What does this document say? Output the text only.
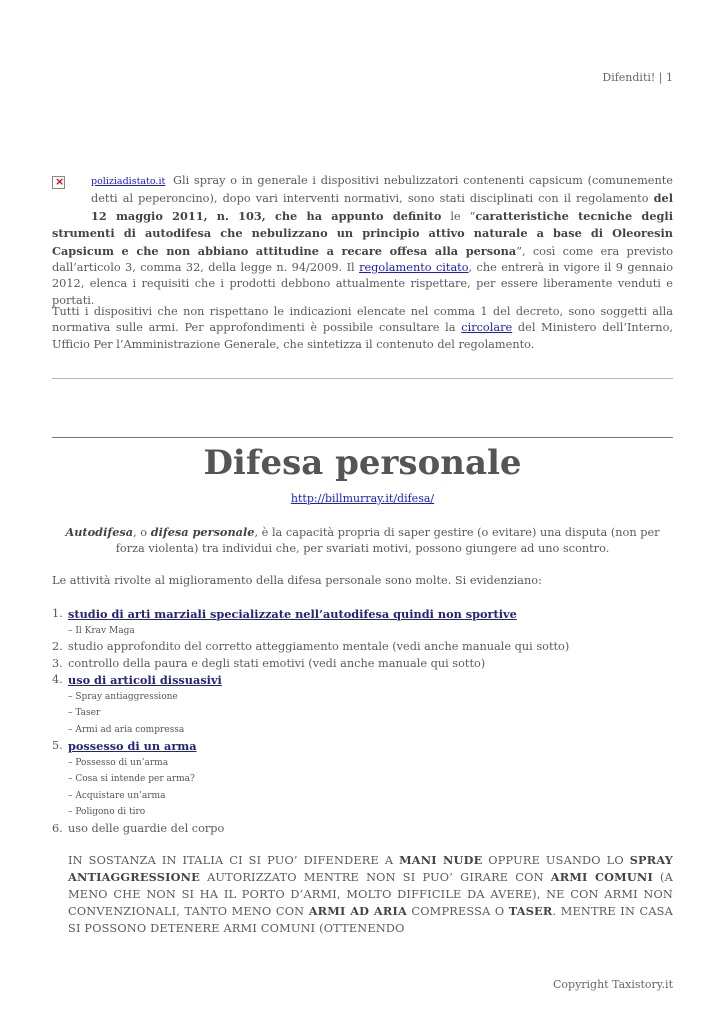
Difenditi! | 1
×
poliziadistato.it Gli spray o in generale i dispositivi nebulizzatori contenenti capsicum (comunemente detti al peperoncino), dopo vari interventi normativi, sono stati disciplinati con il regolamento del 12 maggio 2011, n. 103, che ha appunto definito le “caratteristiche tecniche degli strumenti di autodifesa che nebulizzano un principio attivo naturale a base di Oleoresin Capsicum e che non abbiano attitudine a recare offesa alla persona”, così come era previsto dall’articolo 3, comma 32, della legge n. 94/2009. Il regolamento citato, che entrerà in vigore il 9 gennaio 2012, elenca i requisiti che i prodotti debbono attualmente rispettare, per essere liberamente venduti e portati.
Tutti i dispositivi che non rispettano le indicazioni elencate nel comma 1 del decreto, sono soggetti alla normativa sulle armi. Per approfondimenti è possibile consultare la circolare del Ministero dell’Interno, Ufficio Per l’Amministrazione Generale, che sintetizza il contenuto del regolamento.
Difesa personale
http://billmurray.it/difesa/
Autodifesa, o difesa personale, è la capacità propria di saper gestire (o evitare) una disputa (non per forza violenta) tra individui che, per svariati motivi, possono giungere ad uno scontro.
Le attività rivolte al miglioramento della difesa personale sono molte. Si evidenziano:
1. studio di arti marziali specializzate nell’autodifesa quindi non sportive
– Il Krav Maga
2. studio approfondito del corretto atteggiamento mentale (vedi anche manuale qui sotto)
3. controllo della paura e degli stati emotivi (vedi anche manuale qui sotto)
4. uso di articoli dissuasivi
– Spray antiaggressione
– Taser
– Armi ad aria compressa
5. possesso di un arma
– Possesso di un’arma
– Cosa si intende per arma?
– Acquistare un’arma
– Poligono di tiro
6. uso delle guardie del corpo
IN SOSTANZA IN ITALIA CI SI PUO’ DIFENDERE A MANI NUDE OPPURE USANDO LO SPRAY ANTIAGGRESSIONE AUTORIZZATO MENTRE NON SI PUO’ GIRARE CON ARMI COMUNI (A MENO CHE NON SI HA IL PORTO D’ARMI, MOLTO DIFFICILE DA AVERE), NE CON ARMI NON CONVENZIONALI, TANTO MENO CON ARMI AD ARIA COMPRESSA O TASER. MENTRE IN CASA SI POSSONO DETENERE ARMI COMUNI (OTTENENDO
Copyright Taxistory.it
